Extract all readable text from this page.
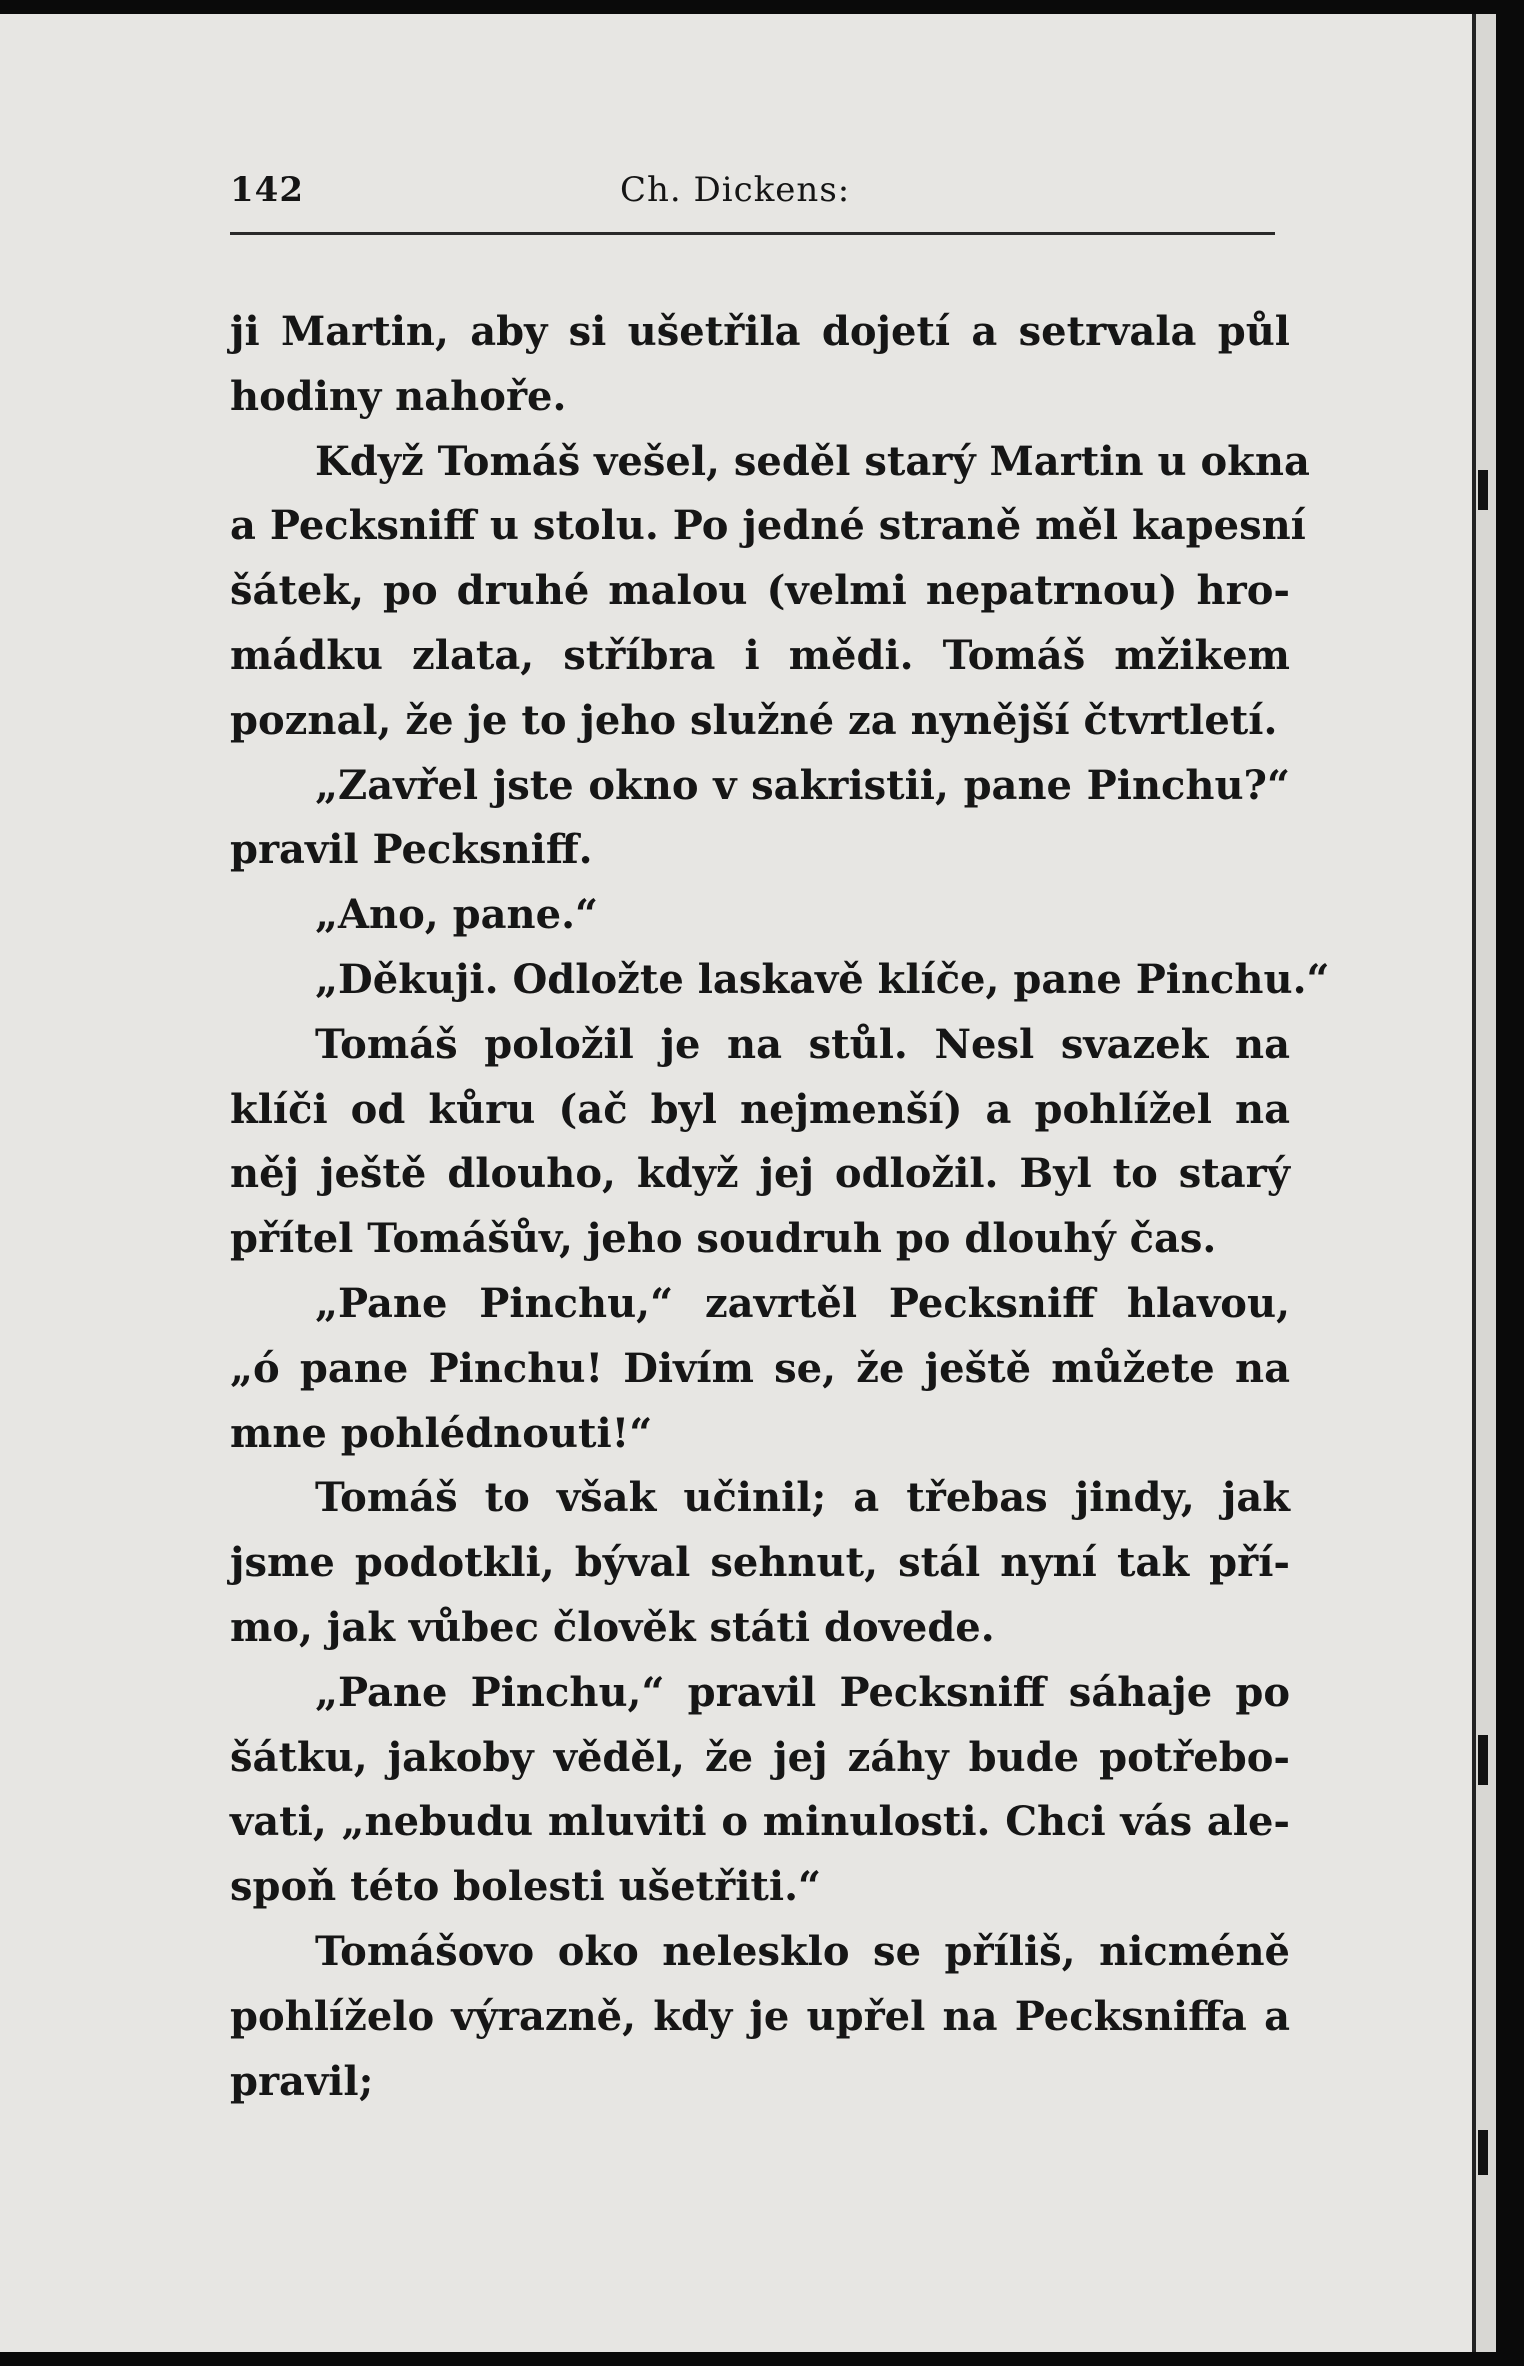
142	Ch. Dickens:
ji Martin, aby si ušetřila dojetí a setrvala půl
hodiny nahoře.
Když Tomáš vešel, seděl starý Martin u okna
a Pecksniff u stolu. Po jedné straně měl kapesní
šátek, po druhé malou (velmi nepatrnou) hro-
mádku zlata, stříbra i mědi. Tomáš mžikem
poznal, že je to jeho služné za nynější čtvrtletí.
„Zavřel jste okno v sakristii, pane Pinchu?“
pravil Pecksniff.
„Ano, pane.“
„Děkuji. Odložte laskavě klíče, pane Pinchu.“
Tomáš položil je na stůl. Nesl svazek na
klíči od kůru (ač byl nejmenší) a pohlížel na
něj ještě dlouho, když jej odložil. Byl to starý
přítel Tomášův, jeho soudruh po dlouhý čas.
„Pane Pinchu,“ zavrtěl Pecksniff hlavou,
„ó pane Pinchu! Divím se, že ještě můžete na
mne pohlédnouti!“
Tomáš to však učinil; a třebas jindy, jak
jsme podotkli, býval sehnut, stál nyní tak pří-
mo, jak vůbec člověk státi dovede.
„Pane Pinchu,“ pravil Pecksniff sáhaje po
šátku, jakoby věděl, že jej záhy bude potřebo-
vati, „nebudu mluviti o minulosti. Chci vás ale-
spoň této bolesti ušetřiti.“
Tomášovo oko nelesklo se příliš, nicméně
pohlíželo výrazně, kdy je upřel na Pecksniffa a
pravil;
